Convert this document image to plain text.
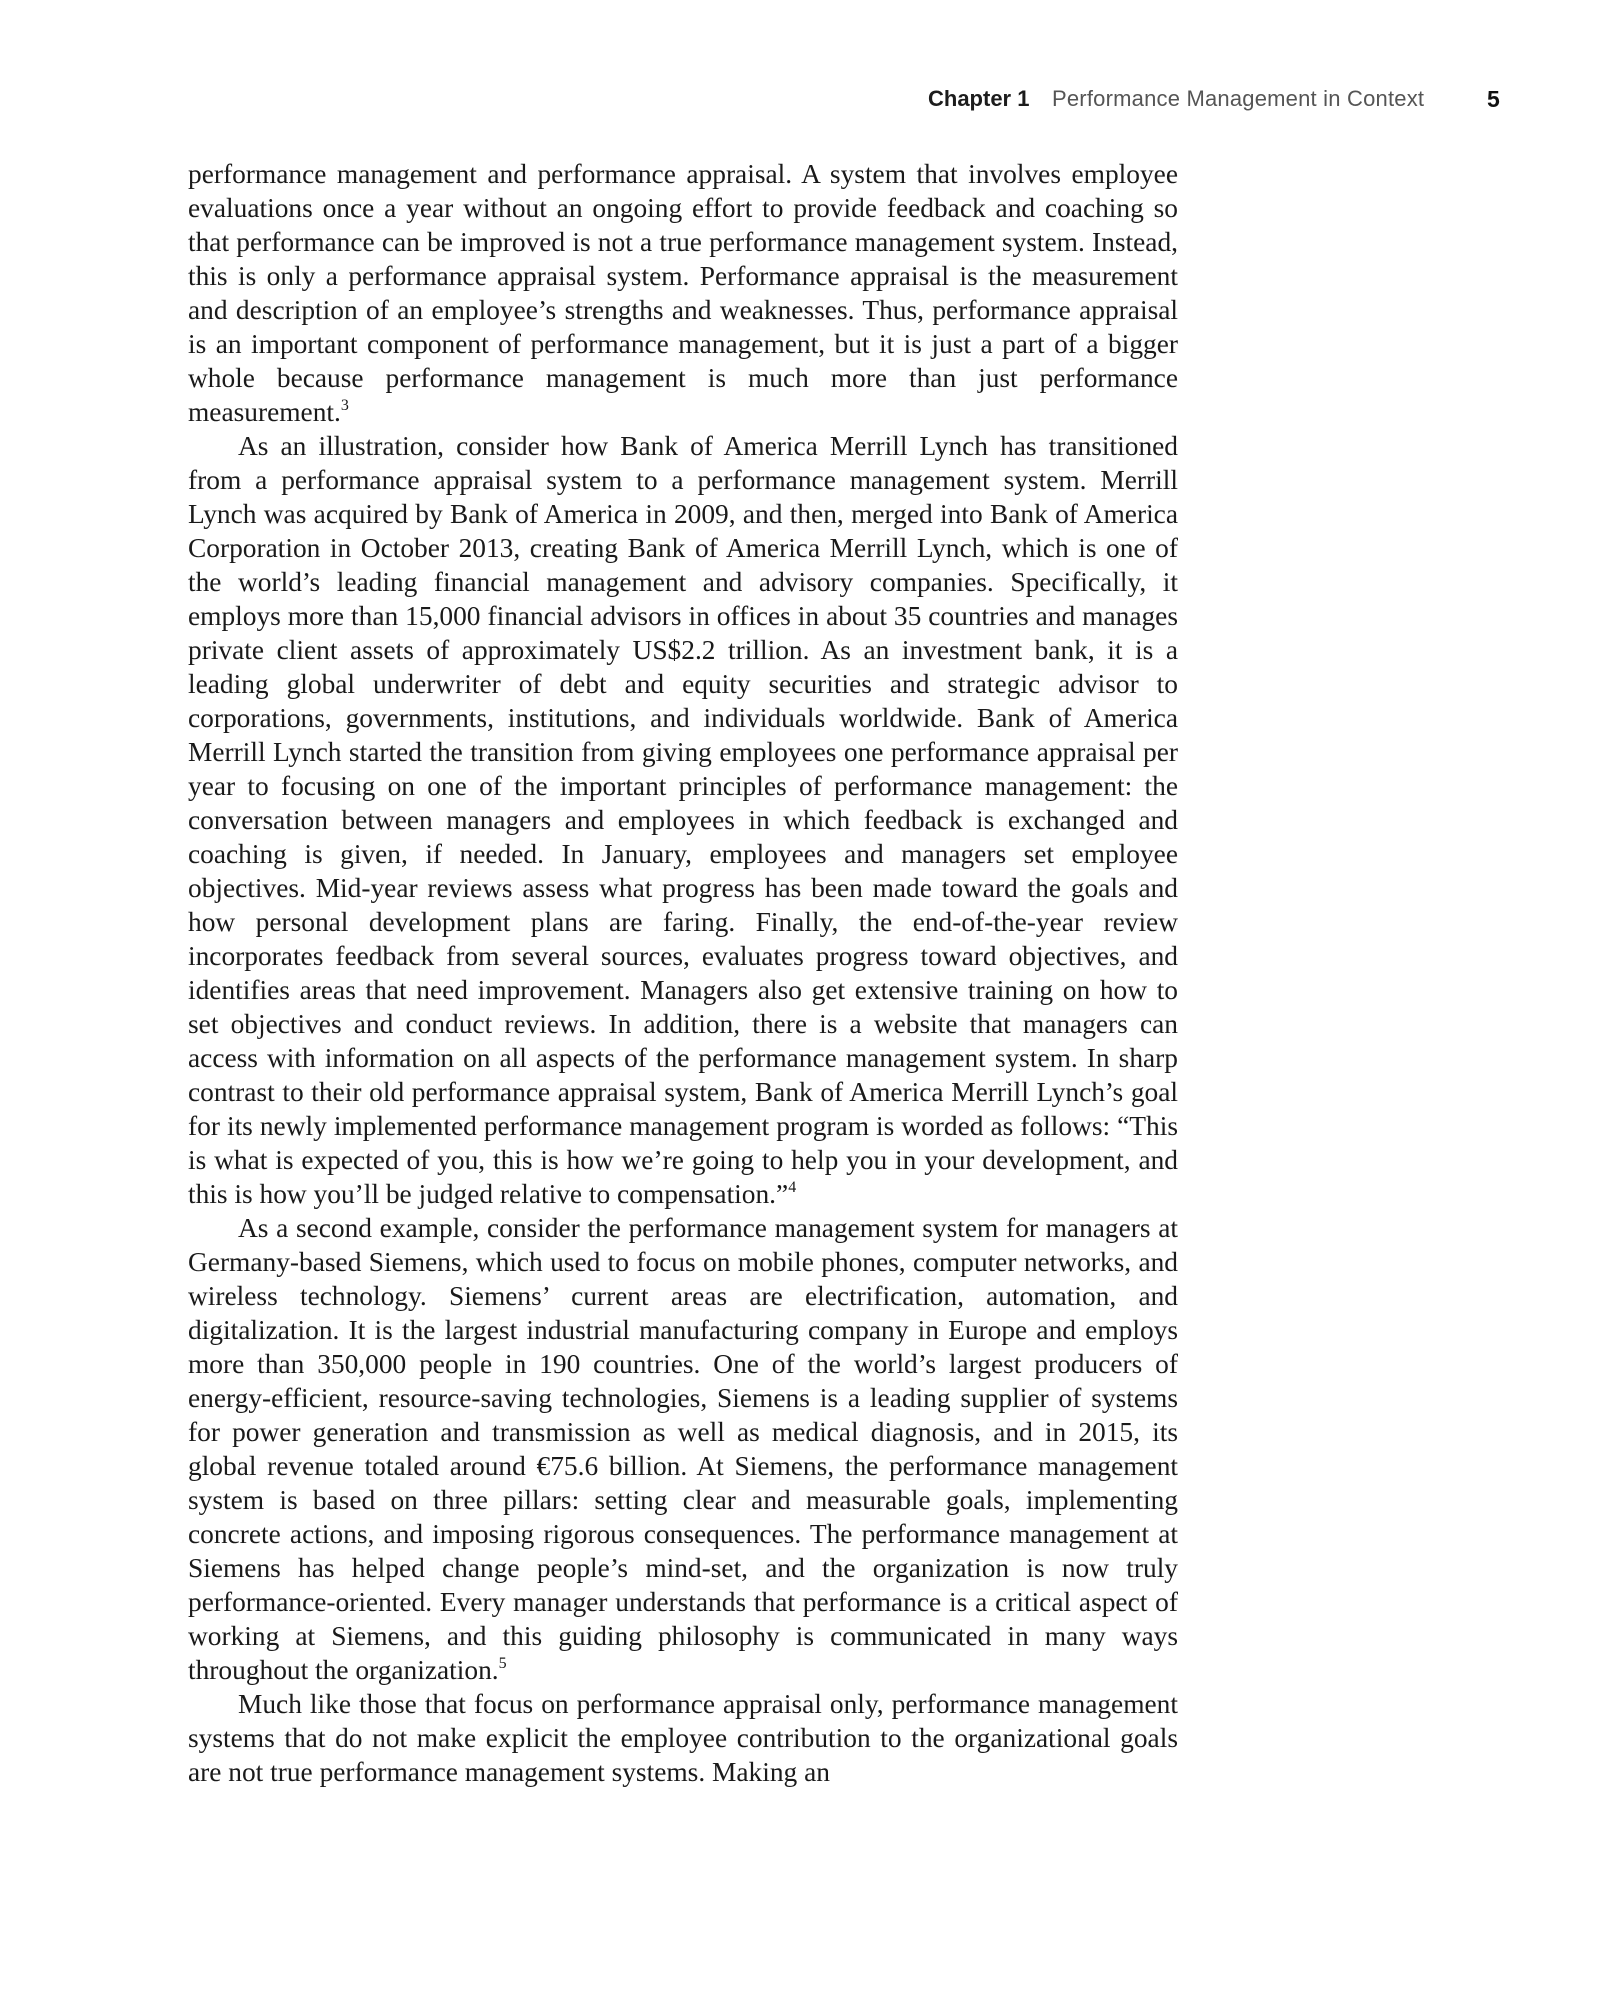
Chapter 1 Performance Management in Context	5

performance management and performance appraisal. A system that involves employee evaluations once a year without an ongoing effort to provide feedback and coaching so that performance can be improved is not a true performance management system. Instead, this is only a performance appraisal system. Performance appraisal is the measurement and description of an employee’s strengths and weaknesses. Thus, performance appraisal is an important component of performance management, but it is just a part of a bigger whole because performance management is much more than just performance measurement.$^3$

As an illustration, consider how Bank of America Merrill Lynch has transitioned from a performance appraisal system to a performance management system. Merrill Lynch was acquired by Bank of America in 2009, and then, merged into Bank of America Corporation in October 2013, creating Bank of America Merrill Lynch, which is one of the world’s leading financial management and advisory companies. Specifically, it employs more than 15,000 financial advisors in offices in about 35 countries and manages private client assets of approximately US$2.2 trillion. As an investment bank, it is a leading global underwriter of debt and equity securities and strategic advisor to corporations, governments, institutions, and individuals worldwide. Bank of America Merrill Lynch started the transition from giving employees one performance appraisal per year to focusing on one of the important principles of performance management: the conversation between managers and employees in which feedback is exchanged and coaching is given, if needed. In January, employees and managers set employee objectives. Mid-year reviews assess what progress has been made toward the goals and how personal development plans are faring. Finally, the end-of-the-year review incorporates feedback from several sources, evaluates progress toward objectives, and identifies areas that need improvement. Managers also get extensive training on how to set objectives and conduct reviews. In addition, there is a website that managers can access with information on all aspects of the performance management system. In sharp contrast to their old performance appraisal system, Bank of America Merrill Lynch’s goal for its newly implemented performance management program is worded as follows: “This is what is expected of you, this is how we’re going to help you in your development, and this is how you’ll be judged relative to compensation.”$^4$

As a second example, consider the performance management system for managers at Germany-based Siemens, which used to focus on mobile phones, computer networks, and wireless technology. Siemens’ current areas are electrification, automation, and digitalization. It is the largest industrial manufacturing company in Europe and employs more than 350,000 people in 190 countries. One of the world’s largest producers of energy-efficient, resource-saving technologies, Siemens is a leading supplier of systems for power generation and transmission as well as medical diagnosis, and in 2015, its global revenue totaled around €75.6 billion. At Siemens, the performance management system is based on three pillars: setting clear and measurable goals, implementing concrete actions, and imposing rigorous consequences. The performance management at Siemens has helped change people’s mind-set, and the organization is now truly performance-oriented. Every manager understands that performance is a critical aspect of working at Siemens, and this guiding philosophy is communicated in many ways throughout the organization.$^5$

Much like those that focus on performance appraisal only, performance management systems that do not make explicit the employee contribution to the organizational goals are not true performance management systems. Making an
